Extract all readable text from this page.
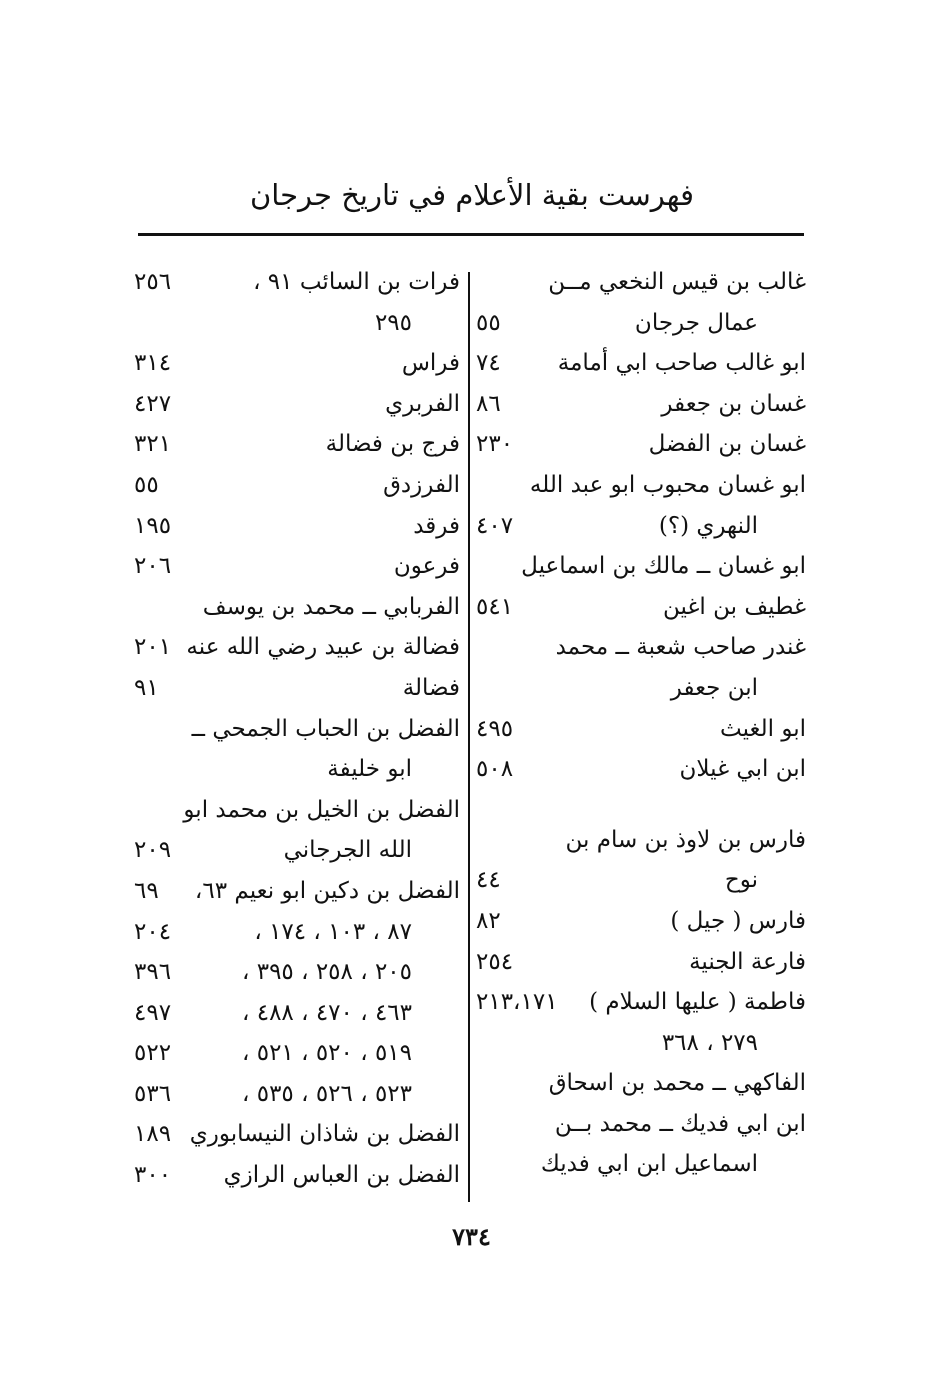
فهرست بقية الأعلام في تاريخ جرجان
غالب بن قيس النخعي مــن
عمال جرجان
٥٥
ابو غالب صاحب ابي أمامة
٧٤
غسان بن جعفر
٨٦
غسان بن الفضل
٢٣٠
ابو غسان محبوب ابو عبد الله
النهري (؟)
٤٠٧
ابو غسان ــ مالك بن اسماعيل
غطيف بن اغين
٥٤١
غندر صاحب شعبة ــ محمد
ابن جعفر
ابو الغيث
٤٩٥
ابن ابي غيلان
٥٠٨
فارس بن لاوذ بن سام بن
نوح
٤٤
فارس ( جيل )
٨٢
فارعة الجنية
٢٥٤
فاطمة ( عليها السلام )
٢١٣،١٧١
٢٧٩ ، ٣٦٨
الفاكهي ــ محمد بن اسحاق
ابن ابي فديك ــ محمد بــن
اسماعيل ابن ابي فديك
فرات بن السائب ٩١ ،
٢٥٦
٢٩٥
فراس
٣١٤
الفربري
٤٢٧
فرج بن فضالة
٣٢١
الفرزدق
٥٥
فرقد
١٩٥
فرعون
٢٠٦
الفربابي ــ محمد بن يوسف
فضالة بن عبيد رضي الله عنه
٢٠١
فضالة
٩١
الفضل بن الحباب الجمحي ــ
ابو خليفة
الفضل بن الخيل بن محمد ابو
الله الجرجاني
٢٠٩
الفضل بن دكين ابو نعيم ٦٣،
٦٩
٨٧ ، ١٠٣ ، ١٧٤ ،
٢٠٤
٢٠٥ ، ٢٥٨ ، ٣٩٥ ،
٣٩٦
٤٦٣ ، ٤٧٠ ، ٤٨٨ ،
٤٩٧
٥١٩ ، ٥٢٠ ، ٥٢١ ،
٥٢٢
٥٢٣ ، ٥٢٦ ، ٥٣٥ ،
٥٣٦
الفضل بن شاذان النيسابوري
١٨٩
الفضل بن العباس الرازي
٣٠٠
٧٣٤
